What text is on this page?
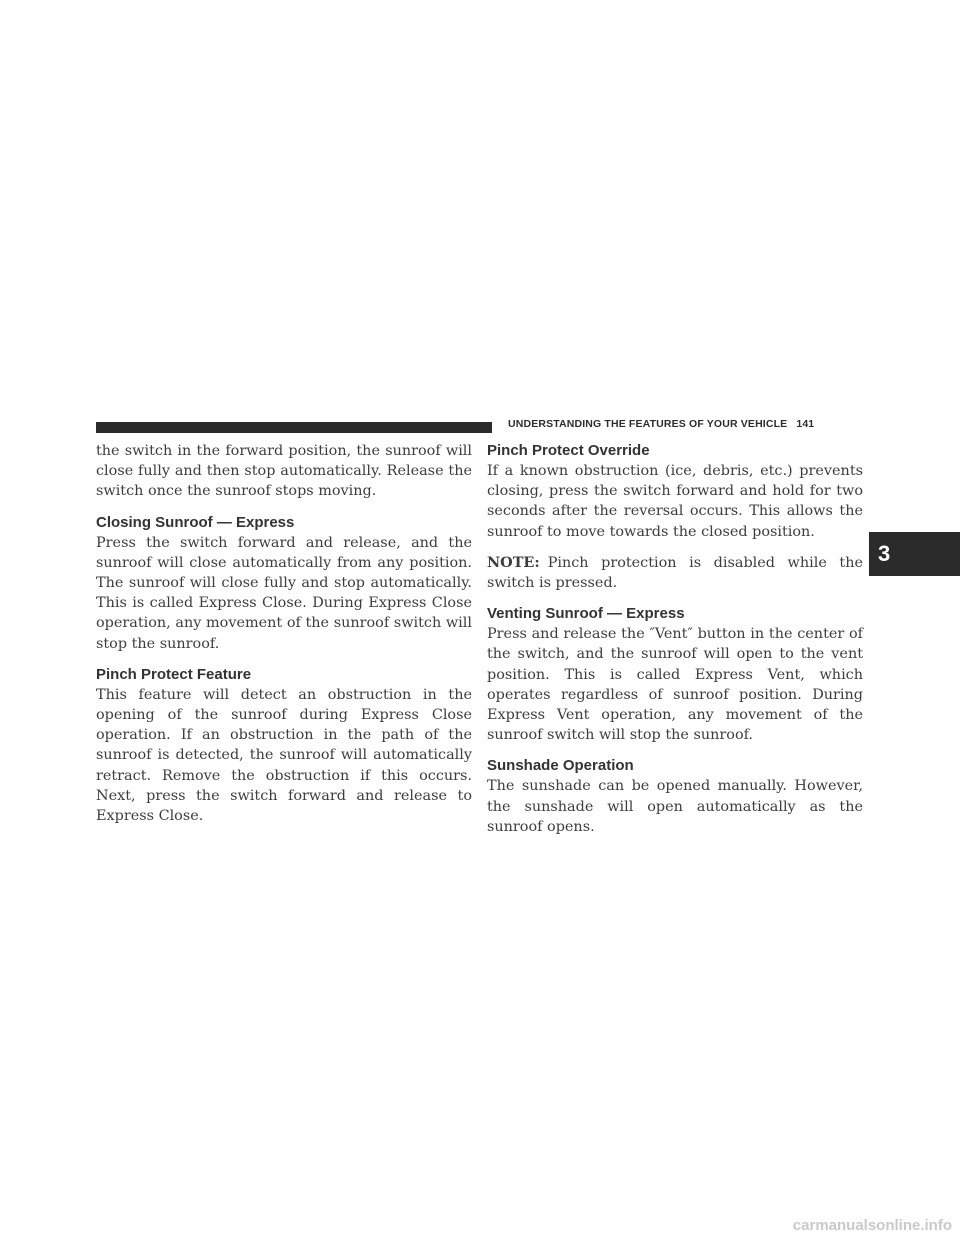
UNDERSTANDING THE FEATURES OF YOUR VEHICLE 141

the switch in the forward position, the sunroof will close fully and then stop automatically. Release the switch once the sunroof stops moving.

Closing Sunroof — Express

Press the switch forward and release, and the sunroof will close automatically from any position. The sunroof will close fully and stop automatically. This is called Express Close. During Express Close operation, any movement of the sunroof switch will stop the sunroof.

Pinch Protect Feature

This feature will detect an obstruction in the opening of the sunroof during Express Close operation. If an obstruction in the path of the sunroof is detected, the sunroof will automatically retract. Remove the obstruction if this occurs. Next, press the switch forward and release to Express Close.

Pinch Protect Override

If a known obstruction (ice, debris, etc.) prevents closing, press the switch forward and hold for two seconds after the reversal occurs. This allows the sunroof to move towards the closed position.

NOTE: Pinch protection is disabled while the switch is pressed.

Venting Sunroof — Express

Press and release the ″Vent″ button in the center of the switch, and the sunroof will open to the vent position. This is called Express Vent, which operates regardless of sunroof position. During Express Vent operation, any movement of the sunroof switch will stop the sunroof.

Sunshade Operation

The sunshade can be opened manually. However, the sunshade will open automatically as the sunroof opens.

3
carmanualsonline.info
